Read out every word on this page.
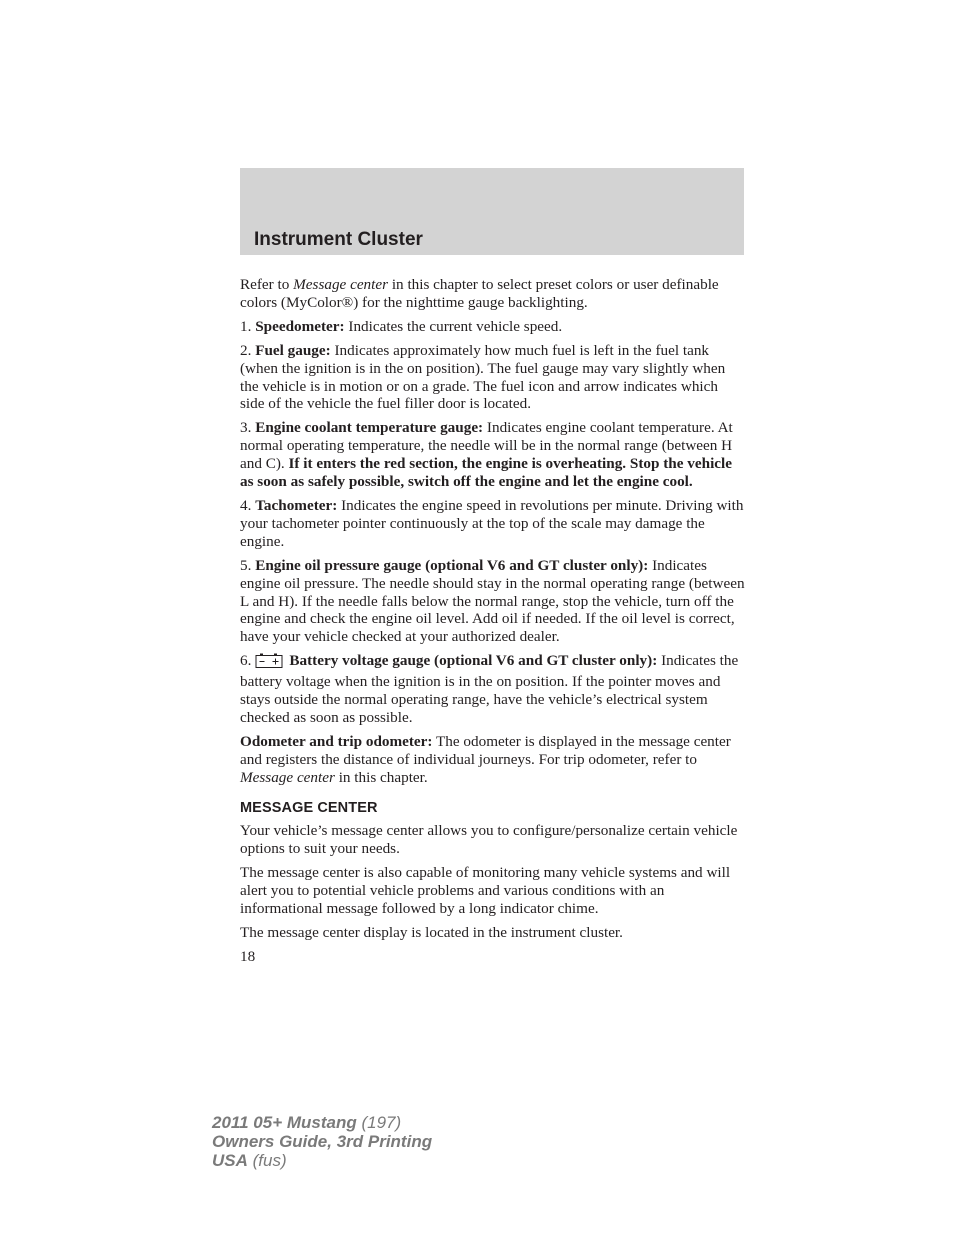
Instrument Cluster

Refer to Message center in this chapter to select preset colors or user definable colors (MyColor®) for the nighttime gauge backlighting.

1. Speedometer: Indicates the current vehicle speed.

2. Fuel gauge: Indicates approximately how much fuel is left in the fuel tank (when the ignition is in the on position). The fuel gauge may vary slightly when the vehicle is in motion or on a grade. The fuel icon and arrow indicates which side of the vehicle the fuel filler door is located.

3. Engine coolant temperature gauge: Indicates engine coolant temperature. At normal operating temperature, the needle will be in the normal range (between H and C). If it enters the red section, the engine is overheating. Stop the vehicle as soon as safely possible, switch off the engine and let the engine cool.

4. Tachometer: Indicates the engine speed in revolutions per minute. Driving with your tachometer pointer continuously at the top of the scale may damage the engine.

5. Engine oil pressure gauge (optional V6 and GT cluster only): Indicates engine oil pressure. The needle should stay in the normal operating range (between L and H). If the needle falls below the normal range, stop the vehicle, turn off the engine and check the engine oil level. Add oil if needed. If the oil level is correct, have your vehicle checked at your authorized dealer.

6.	Battery voltage gauge (optional V6 and GT cluster only): Indicates the battery voltage when the ignition is in the on position. If the pointer moves and stays outside the normal operating range, have the vehicle’s electrical system checked as soon as possible.

Odometer and trip odometer: The odometer is displayed in the message center and registers the distance of individual journeys. For trip odometer, refer to Message center in this chapter.

MESSAGE CENTER

Your vehicle’s message center allows you to configure/personalize certain vehicle options to suit your needs.

The message center is also capable of monitoring many vehicle systems and will alert you to potential vehicle problems and various conditions with an informational message followed by a long indicator chime.

The message center display is located in the instrument cluster.

18
2011 05+ Mustang (197)
Owners Guide, 3rd Printing
USA (fus)
